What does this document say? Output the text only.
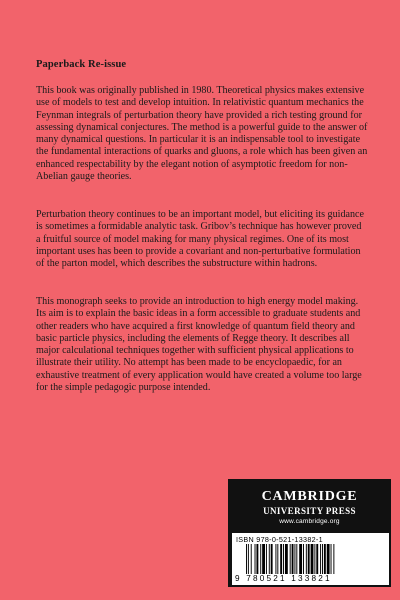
Paperback Re-issue

This book was originally published in 1980. Theoretical physics makes extensive use of models to test and develop intuition. In relativistic quantum mechanics the Feynman integrals of perturbation theory have provided a rich testing ground for assessing dynamical conjectures. The method is a powerful guide to the answer of many dynamical questions. In particular it is an indispensable tool to investigate the fundamental interactions of quarks and gluons, a role which has been given an enhanced respectability by the elegant notion of asymptotic freedom for non-Abelian gauge theories.

Perturbation theory continues to be an important model, but eliciting its guidance is sometimes a formidable analytic task. Gribov’s technique has however proved a fruitful source of model making for many physical regimes. One of its most important uses has been to provide a covariant and non-perturbative formulation of the parton model, which describes the substructure within hadrons.

This monograph seeks to provide an introduction to high energy model making. Its aim is to explain the basic ideas in a form accessible to graduate students and other readers who have acquired a first knowledge of quantum field theory and basic particle physics, including the elements of Regge theory. It describes all major calculational techniques together with sufficient physical applications to illustrate their utility. No attempt has been made to be encyclopaedic, for an exhaustive treatment of every application would have created a volume too large for the simple pedagogic purpose intended.

CAMBRIDGE
UNIVERSITY PRESS
www.cambridge.org
ISBN 978-0-521-13382-1
9 780521 133821
